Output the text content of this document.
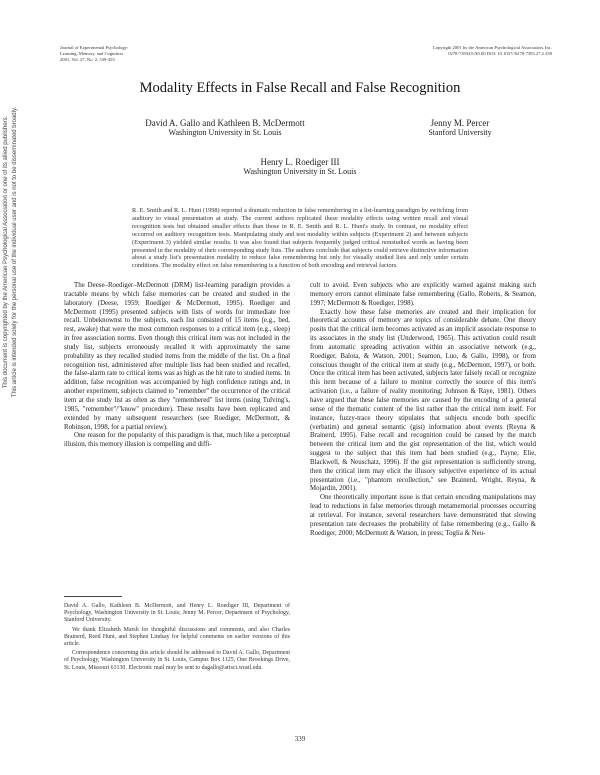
Journal of Experimental Psychology:
Learning, Memory, and Cognition
2001, Vol. 27, No. 2, 339-353
Copyright 2001 by the American Psychological Association, Inc.
0278-7393/01/$5.00 DOI: 10.1037//0278-7393.27.2.339
Modality Effects in False Recall and False Recognition
David A. Gallo and Kathleen B. McDermott
Washington University in St. Louis
Jenny M. Percer
Stanford University
Henry L. Roediger III
Washington University in St. Louis
R. E. Smith and R. L. Hunt (1998) reported a dramatic reduction in false remembering in a list-learning paradigm by switching from auditory to visual presentation at study. The current authors replicated these modality effects using written recall and visual recognition tests but obtained smaller effects than those in R. E. Smith and R. L. Hunt's study. In contrast, no modality effect occurred on auditory recognition tests. Manipulating study and test modality within subjects (Experiment 2) and between subjects (Experiment 3) yielded similar results. It was also found that subjects frequently judged critical nonstudied words as having been presented in the modality of their corresponding study lists. The authors conclude that subjects could retrieve distinctive information about a study list's presentation modality to reduce false remembering but only for visually studied lists and only under certain conditions. The modality effect on false remembering is a function of both encoding and retrieval factors.

The Deese–Roediger–McDermott (DRM) list-learning paradigm provides a tractable means by which false memories can be created and studied in the laboratory (Deese, 1959; Roediger & McDermott, 1995). Roediger and McDermott (1995) presented subjects with lists of words for immediate free recall. Unbeknownst to the subjects, each list consisted of 15 items (e.g., bed, rest, awake) that were the most common responses to a critical item (e.g., sleep) in free association norms. Even though this critical item was not included in the study list, subjects erroneously recalled it with approximately the same probability as they recalled studied items from the middle of the list. On a final recognition test, administered after multiple lists had been studied and recalled, the false-alarm rate to critical items was as high as the hit rate to studied items. In addition, false recognition was accompanied by high confidence ratings and, in another experiment, subjects claimed to "remember" the occurrence of the critical item at the study list as often as they "remembered" list items (using Tulving's, 1985, "remember"/"know" procedure). These results have been replicated and extended by many subsequent researchers (see Roediger, McDermott, & Robinson, 1998, for a partial review).

One reason for the popularity of this paradigm is that, much like a perceptual illusion, this memory illusion is compelling and diffi-

cult to avoid. Even subjects who are explicitly warned against making such memory errors cannot eliminate false remembering (Gallo, Roberts, & Seamon, 1997; McDermott & Roediger, 1998).

Exactly how these false memories are created and their implication for theoretical accounts of memory are topics of considerable debate. One theory posits that the critical item becomes activated as an implicit associate response to its associates in the study list (Underwood, 1965). This activation could result from automatic spreading activation within an associative network (e.g., Roediger, Balota, & Watson, 2001; Seamon, Luo, & Gallo, 1998), or from conscious thought of the critical item at study (e.g., McDermott, 1997), or both. Once the critical item has been activated, subjects later falsely recall or recognize this item because of a failure to monitor correctly the source of this item's activation (i.e., a failure of reality monitoring; Johnson & Raye, 1981). Others have argued that these false memories are caused by the encoding of a general sense of the thematic content of the list rather than the critical item itself. For instance, fuzzy-trace theory stipulates that subjects encode both specific (verbatim) and general semantic (gist) information about events (Reyna & Brainerd, 1995). False recall and recognition could be caused by the match between the critical item and the gist representation of the list, which would suggest to the subject that this item had been studied (e.g., Payne, Elie, Blackwell, & Neuschatz, 1996). If the gist representation is sufficiently strong, then the critical item may elicit the illusory subjective experience of its actual presentation (i.e., "phantom recollection," see Brainerd, Wright, Reyna, & Mojardin, 2001).

One theoretically important issue is that certain encoding manipulations may lead to reductions in false memories through metamemorial processes occurring at retrieval. For instance, several researchers have demonstrated that slowing presentation rate decreases the probability of false remembering (e.g., Gallo & Roediger, 2000; McDermott & Watson, in press; Toglia & Neu-

David A. Gallo, Kathleen B. McDermott, and Henry L. Roediger III, Department of Psychology, Washington University in St. Louis; Jenny M. Percer, Department of Psychology, Stanford University.

We thank Elizabeth Marsh for thoughtful discussions and comments, and also Charles Brainerd, Reed Hunt, and Stephen Lindsay for helpful comments on earlier versions of this article.

Correspondence concerning this article should be addressed to David A. Gallo, Department of Psychology, Washington University in St. Louis, Campus Box 1125, One Brookings Drive, St. Louis, Missouri 63130. Electronic mail may be sent to dagallo@artsci.wustl.edu.

339
This document is copyrighted by the American Psychological Association or one of its allied publishers. This article is intended solely for the personal use of the individual user and is not to be disseminated broadly.
